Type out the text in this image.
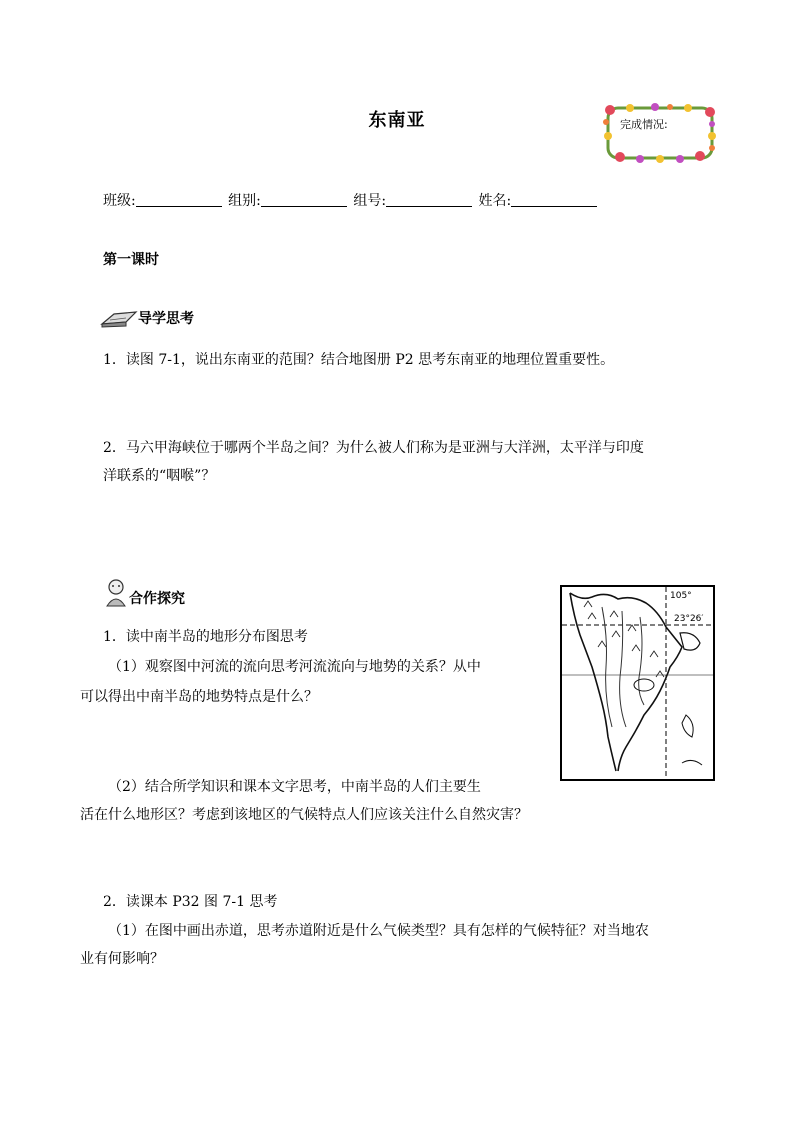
东南亚	完成情况:
班级:	组别:	组号:	姓名:
第一课时
导学思考
1．读图 7-1，说出东南亚的范围？结合地图册 P2 思考东南亚的地理位置重要性。
2．马六甲海峡位于哪两个半岛之间？为什么被人们称为是亚洲与大洋洲，太平洋与印度
洋联系的“咽喉”？
合作探究
1．读中南半岛的地形分布图思考
（1）观察图中河流的流向思考河流流向与地势的关系？从中
可以得出中南半岛的地势特点是什么？
（2）结合所学知识和课本文字思考，中南半岛的人们主要生
活在什么地形区？考虑到该地区的气候特点人们应该关注什么自然灾害？
2．读课本 P32 图 7-1 思考
（1）在图中画出赤道，思考赤道附近是什么气候类型？具有怎样的气候特征？对当地农
业有何影响？
105°
23°26′
